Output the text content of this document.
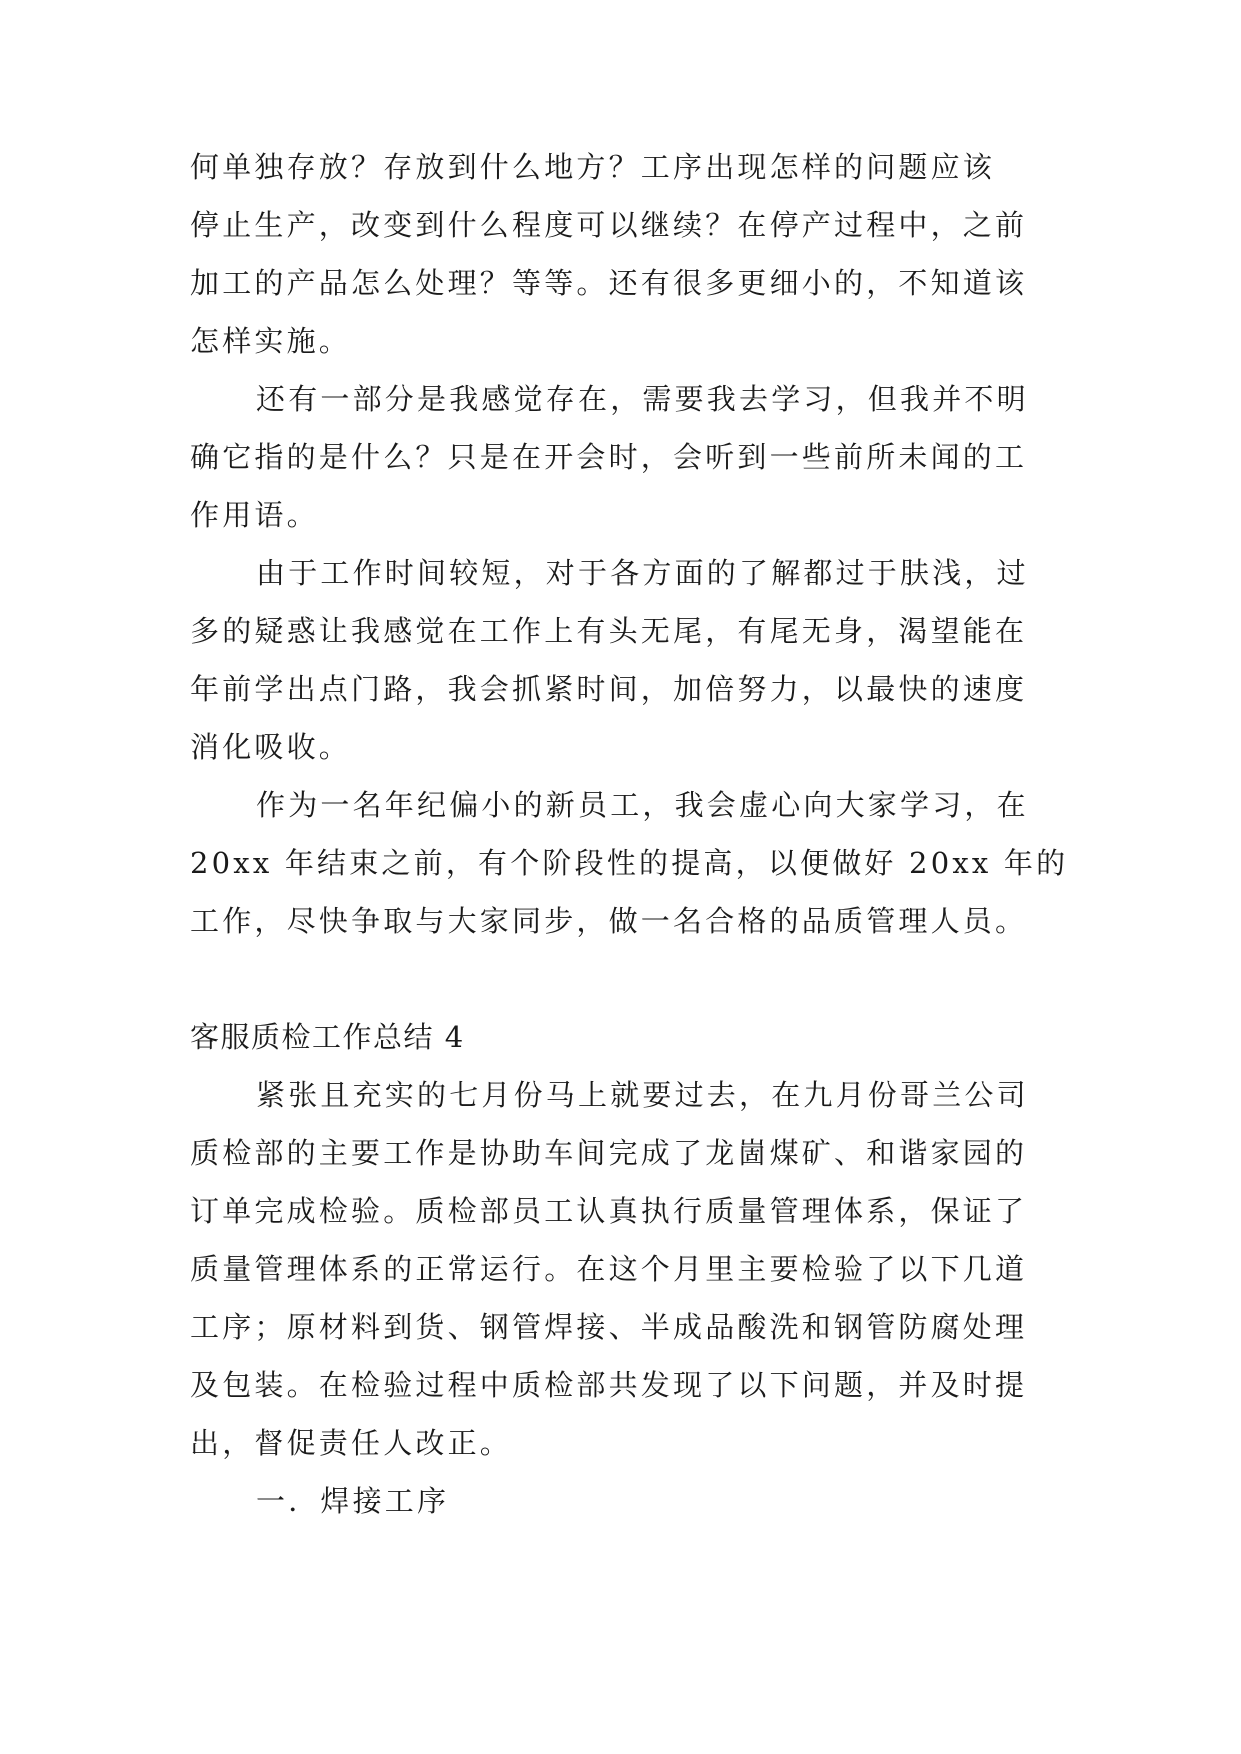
何单独存放？存放到什么地方？工序出现怎样的问题应该
停止生产，改变到什么程度可以继续？在停产过程中，之前
加工的产品怎么处理？等等。还有很多更细小的，不知道该
怎样实施。
还有一部分是我感觉存在，需要我去学习，但我并不明
确它指的是什么？只是在开会时，会听到一些前所未闻的工
作用语。
由于工作时间较短，对于各方面的了解都过于肤浅，过
多的疑惑让我感觉在工作上有头无尾，有尾无身，渴望能在
年前学出点门路，我会抓紧时间，加倍努力，以最快的速度
消化吸收。
作为一名年纪偏小的新员工，我会虚心向大家学习，在
20xx 年结束之前，有个阶段性的提高，以便做好 20xx 年的
工作，尽快争取与大家同步，做一名合格的品质管理人员。
客服质检工作总结 4
紧张且充实的七月份马上就要过去，在九月份哥兰公司
质检部的主要工作是协助车间完成了龙崮煤矿、和谐家园的
订单完成检验。质检部员工认真执行质量管理体系，保证了
质量管理体系的正常运行。在这个月里主要检验了以下几道
工序；原材料到货、钢管焊接、半成品酸洗和钢管防腐处理
及包装。在检验过程中质检部共发现了以下问题，并及时提
出，督促责任人改正。
一．焊接工序
